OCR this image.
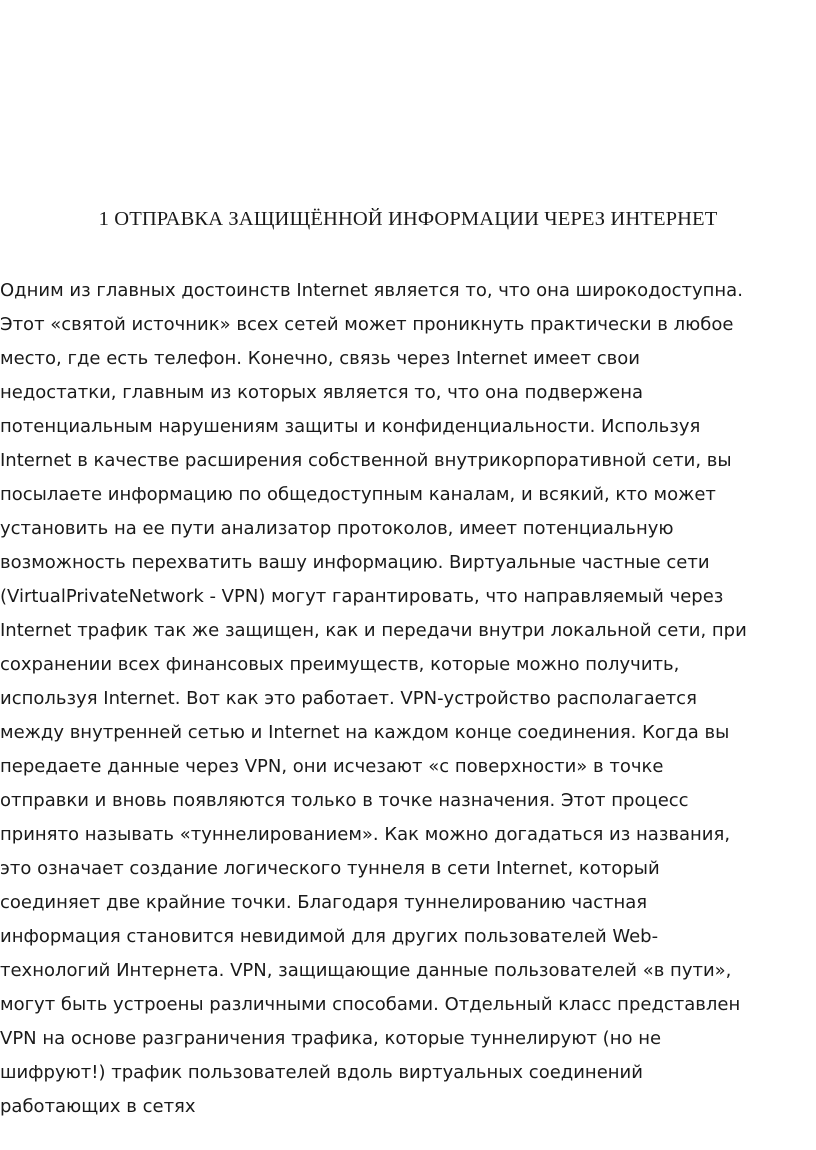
1 ОТПРАВКА ЗАЩИЩЁННОЙ ИНФОРМАЦИИ ЧЕРЕЗ ИНТЕРНЕТ
Одним из главных достоинств Internet является то, что она широкодоступна.
Этот «святой источник» всех сетей может проникнуть практически в любое
место, где есть телефон. Конечно, связь через Internet имеет свои
недостатки, главным из которых является то, что она подвержена
потенциальным нарушениям защиты и конфиденциальности. Используя
Internet в качестве расширения собственной внутрикорпоративной сети, вы
посылаете информацию по общедоступным каналам, и всякий, кто может
установить на ее пути анализатор протоколов, имеет потенциальную
возможность перехватить вашу информацию. Виртуальные частные сети
(VirtualPrivateNetwork - VPN) могут гарантировать, что направляемый через
Internet трафик так же защищен, как и передачи внутри локальной сети, при
сохранении всех финансовых преимуществ, которые можно получить,
используя Internet. Вот как это работает. VPN-устройство располагается
между внутренней сетью и Internet на каждом конце соединения. Когда вы
передаете данные через VPN, они исчезают «с поверхности» в точке
отправки и вновь появляются только в точке назначения. Этот процесс
принято называть «туннелированием». Как можно догадаться из названия,
это означает создание логического туннеля в сети Internet, который
соединяет две крайние точки. Благодаря туннелированию частная
информация становится невидимой для других пользователей Web-
технологий Интернета. VPN, защищающие данные пользователей «в пути»,
могут быть устроены различными способами. Отдельный класс представлен
VPN на основе разграничения трафика, которые туннелируют (но не
шифруют!) трафик пользователей вдоль виртуальных соединений
работающих в сетях
